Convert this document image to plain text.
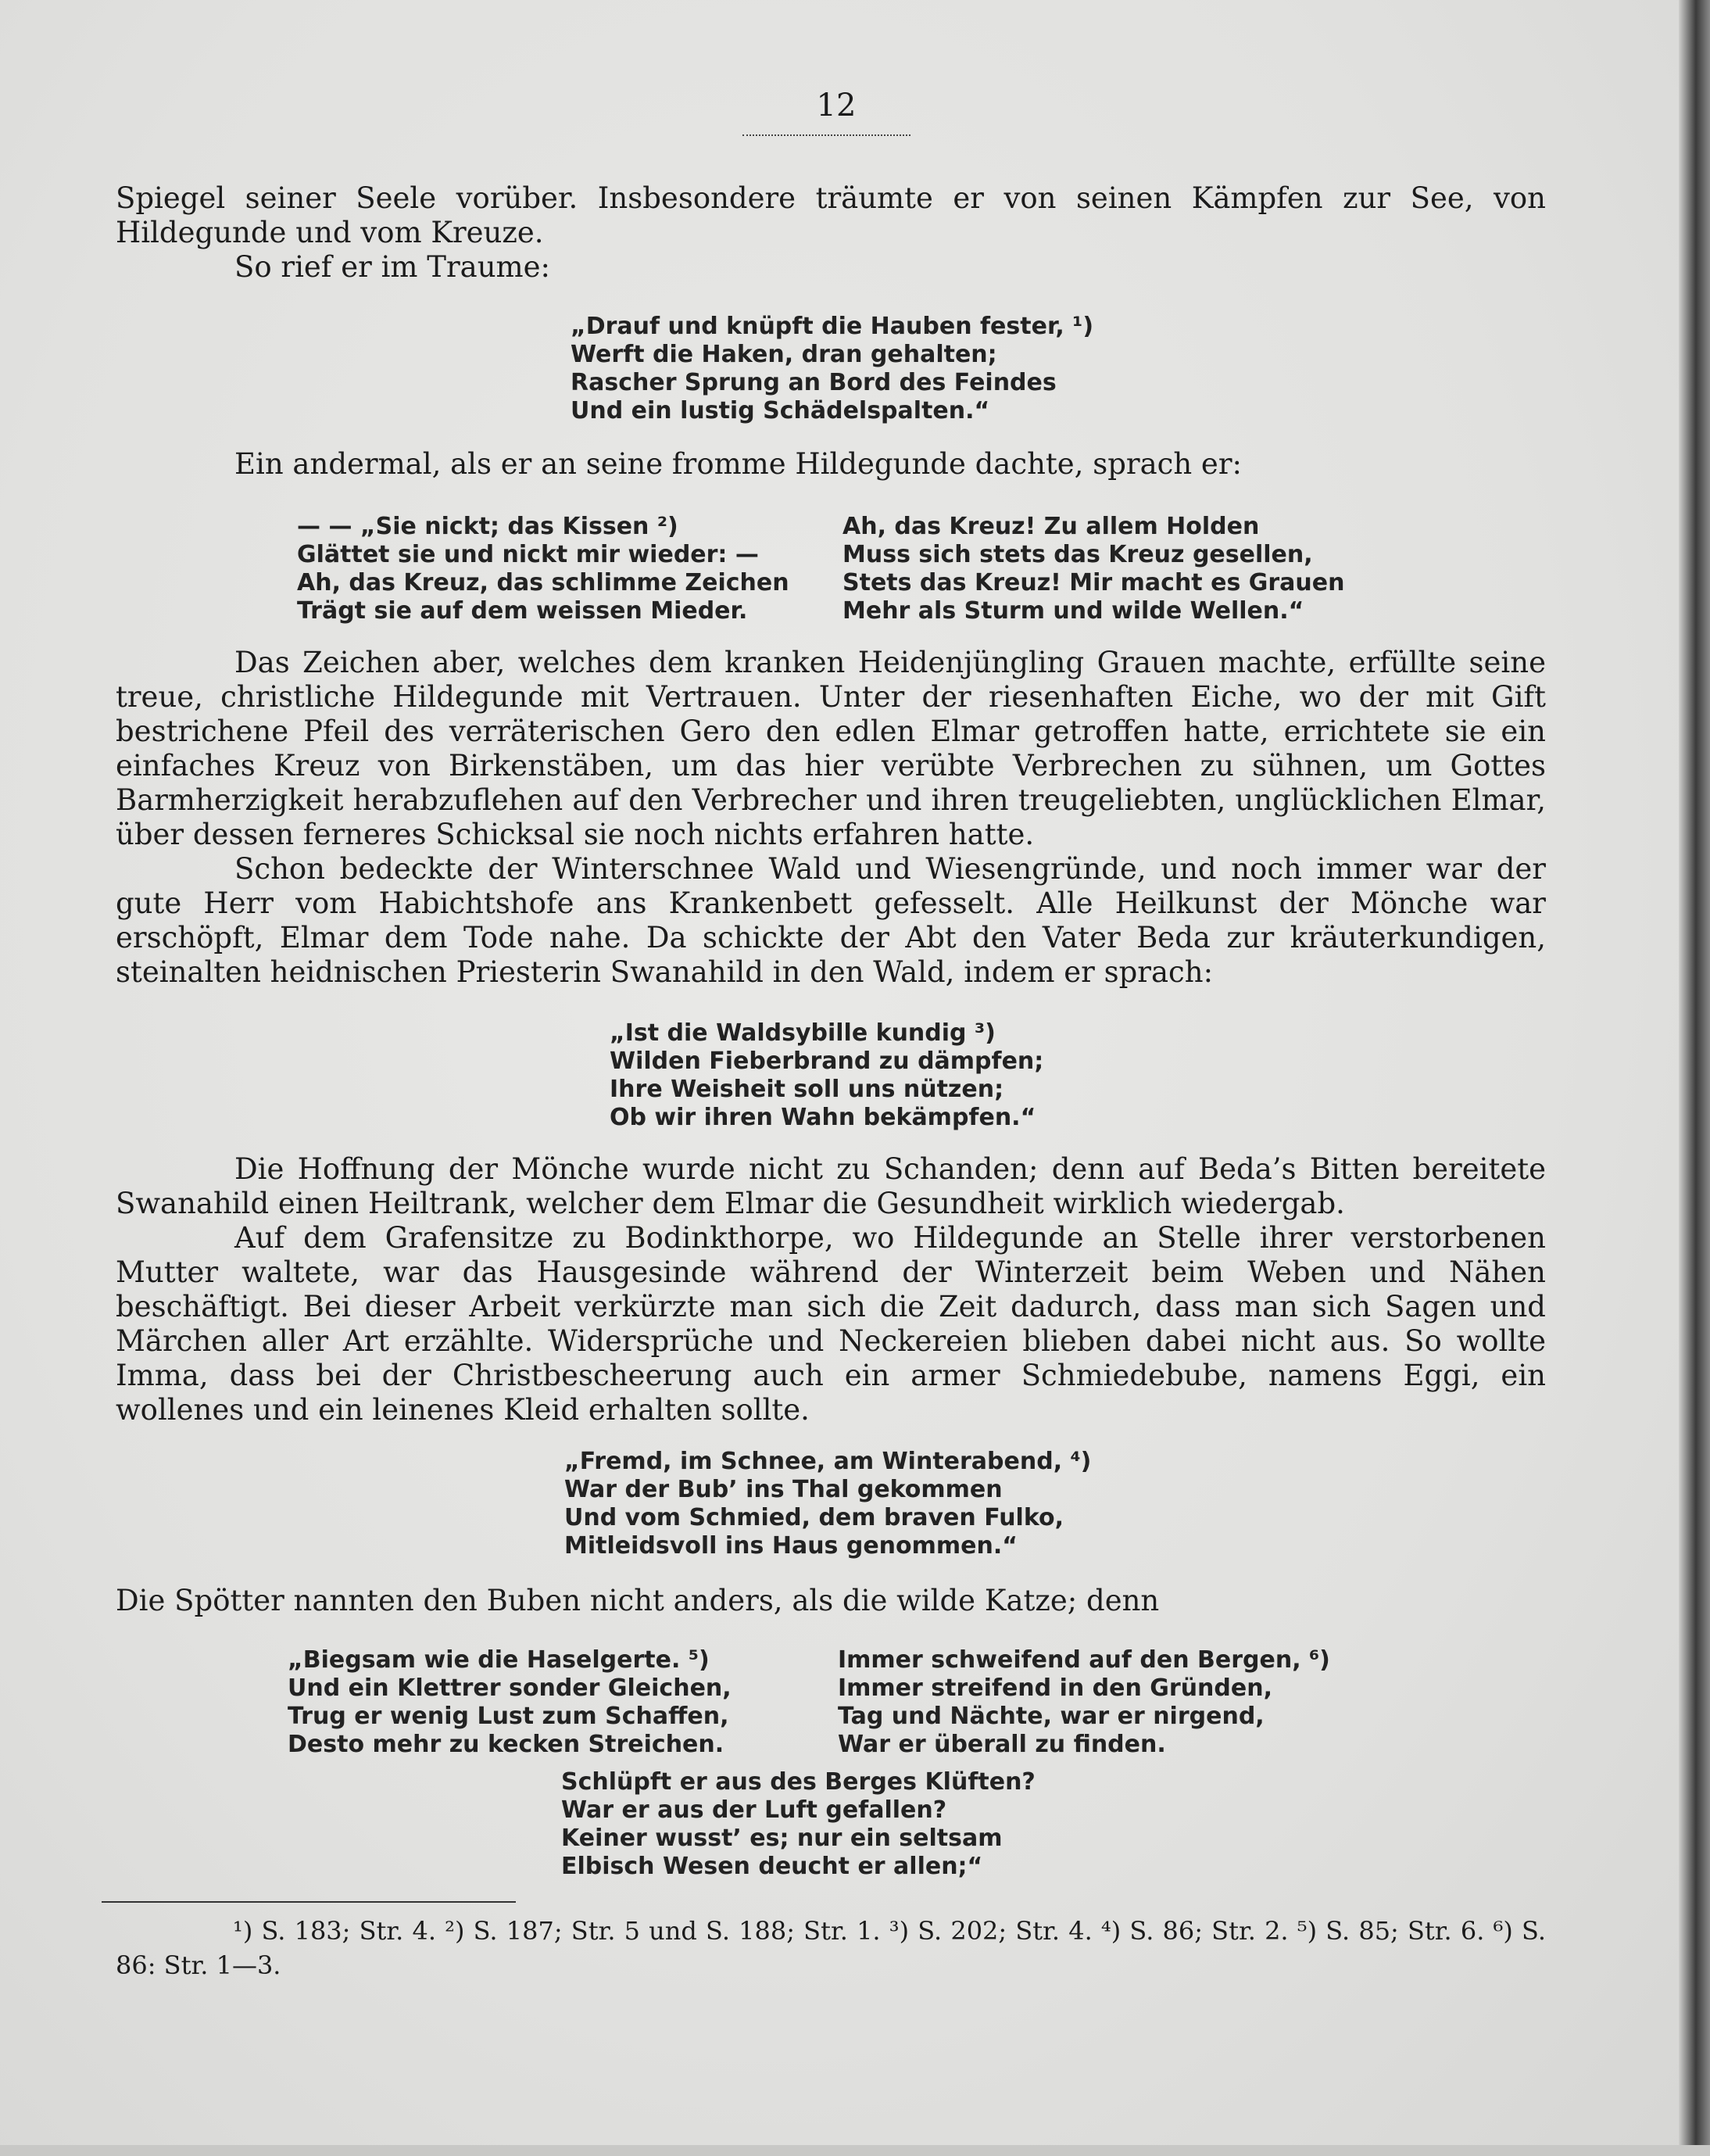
12

Spiegel seiner Seele vorüber. Insbesondere träumte er von seinen Kämpfen zur See, von Hildegunde und vom Kreuze.

So rief er im Traume:

„Drauf und knüpft die Hauben fester, ¹)
Werft die Haken, dran gehalten;
Rascher Sprung an Bord des Feindes
Und ein lustig Schädelspalten.“

Ein andermal, als er an seine fromme Hildegunde dachte, sprach er:

— — „Sie nickt; das Kissen ²)
Glättet sie und nickt mir wieder: —
Ah, das Kreuz, das schlimme Zeichen
Trägt sie auf dem weissen Mieder.
Ah, das Kreuz! Zu allem Holden
Muss sich stets das Kreuz gesellen,
Stets das Kreuz! Mir macht es Grauen
Mehr als Sturm und wilde Wellen.“

Das Zeichen aber, welches dem kranken Heidenjüngling Grauen machte, erfüllte seine treue, christliche Hildegunde mit Vertrauen. Unter der riesenhaften Eiche, wo der mit Gift bestrichene Pfeil des verräterischen Gero den edlen Elmar getroffen hatte, errichtete sie ein einfaches Kreuz von Birkenstäben, um das hier verübte Verbrechen zu sühnen, um Gottes Barmherzigkeit herabzuflehen auf den Verbrecher und ihren treugeliebten, unglücklichen Elmar, über dessen ferneres Schicksal sie noch nichts erfahren hatte.

Schon bedeckte der Winterschnee Wald und Wiesengründe, und noch immer war der gute Herr vom Habichtshofe ans Krankenbett gefesselt. Alle Heilkunst der Mönche war erschöpft, Elmar dem Tode nahe. Da schickte der Abt den Vater Beda zur kräuterkundigen, steinalten heidnischen Priesterin Swanahild in den Wald, indem er sprach:

„Ist die Waldsybille kundig ³)
Wilden Fieberbrand zu dämpfen;
Ihre Weisheit soll uns nützen;
Ob wir ihren Wahn bekämpfen.“

Die Hoffnung der Mönche wurde nicht zu Schanden; denn auf Beda’s Bitten bereitete Swanahild einen Heiltrank, welcher dem Elmar die Gesundheit wirklich wiedergab.

Auf dem Grafensitze zu Bodinkthorpe, wo Hildegunde an Stelle ihrer verstorbenen Mutter waltete, war das Hausgesinde während der Winterzeit beim Weben und Nähen beschäftigt. Bei dieser Arbeit verkürzte man sich die Zeit dadurch, dass man sich Sagen und Märchen aller Art erzählte. Widersprüche und Neckereien blieben dabei nicht aus. So wollte Imma, dass bei der Christbescheerung auch ein armer Schmiedebube, namens Eggi, ein wollenes und ein leinenes Kleid erhalten sollte.

„Fremd, im Schnee, am Winterabend, ⁴)
War der Bub’ ins Thal gekommen
Und vom Schmied, dem braven Fulko,
Mitleidsvoll ins Haus genommen.“

Die Spötter nannten den Buben nicht anders, als die wilde Katze; denn

„Biegsam wie die Haselgerte. ⁵)
Und ein Klettrer sonder Gleichen,
Trug er wenig Lust zum Schaffen,
Desto mehr zu kecken Streichen.
Immer schweifend auf den Bergen, ⁶)
Immer streifend in den Gründen,
Tag und Nächte, war er nirgend,
War er überall zu finden.
Schlüpft er aus des Berges Klüften?
War er aus der Luft gefallen?
Keiner wusst’ es; nur ein seltsam
Elbisch Wesen deucht er allen;“

¹) S. 183; Str. 4. ²) S. 187; Str. 5 und S. 188; Str. 1. ³) S. 202; Str. 4. ⁴) S. 86; Str. 2. ⁵) S. 85; Str. 6. ⁶) S. 86: Str. 1—3.
